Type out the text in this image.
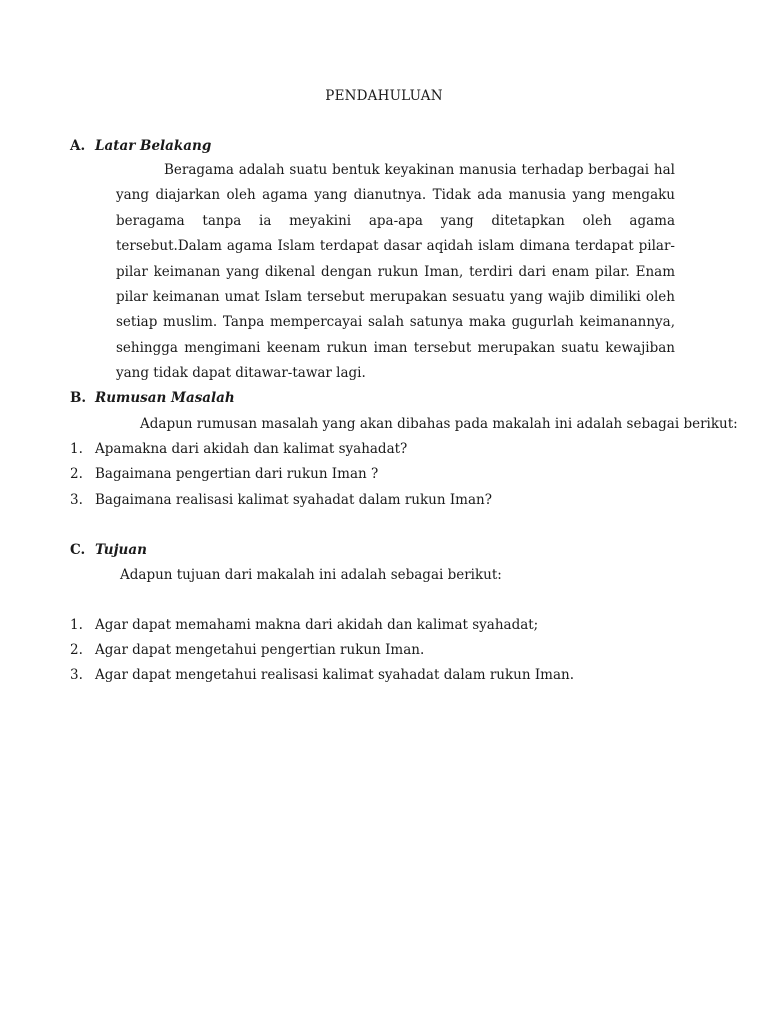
PENDAHULUAN
A. Latar Belakang
Beragama adalah suatu bentuk keyakinan manusia terhadap berbagai hal yang diajarkan oleh agama yang dianutnya. Tidak ada manusia yang mengaku beragama tanpa ia meyakini apa-apa yang ditetapkan oleh agama tersebut.Dalam agama Islam terdapat dasar aqidah islam dimana terdapat pilar-pilar keimanan yang dikenal dengan rukun Iman, terdiri dari enam pilar. Enam pilar keimanan umat Islam tersebut merupakan sesuatu yang wajib dimiliki oleh setiap muslim. Tanpa mempercayai salah satunya maka gugurlah keimanannya, sehingga mengimani keenam rukun iman tersebut merupakan suatu kewajiban yang tidak dapat ditawar-tawar lagi.
B. Rumusan Masalah
Adapun rumusan masalah yang akan dibahas pada makalah ini adalah sebagai berikut:
1. Apamakna dari akidah dan kalimat syahadat?
2. Bagaimana pengertian dari rukun Iman ?
3. Bagaimana realisasi kalimat syahadat dalam rukun Iman?
C. Tujuan
Adapun tujuan dari makalah ini adalah sebagai berikut:
1. Agar dapat memahami makna dari akidah dan kalimat syahadat;
2. Agar dapat mengetahui pengertian rukun Iman.
3. Agar dapat mengetahui realisasi kalimat syahadat dalam rukun Iman.
